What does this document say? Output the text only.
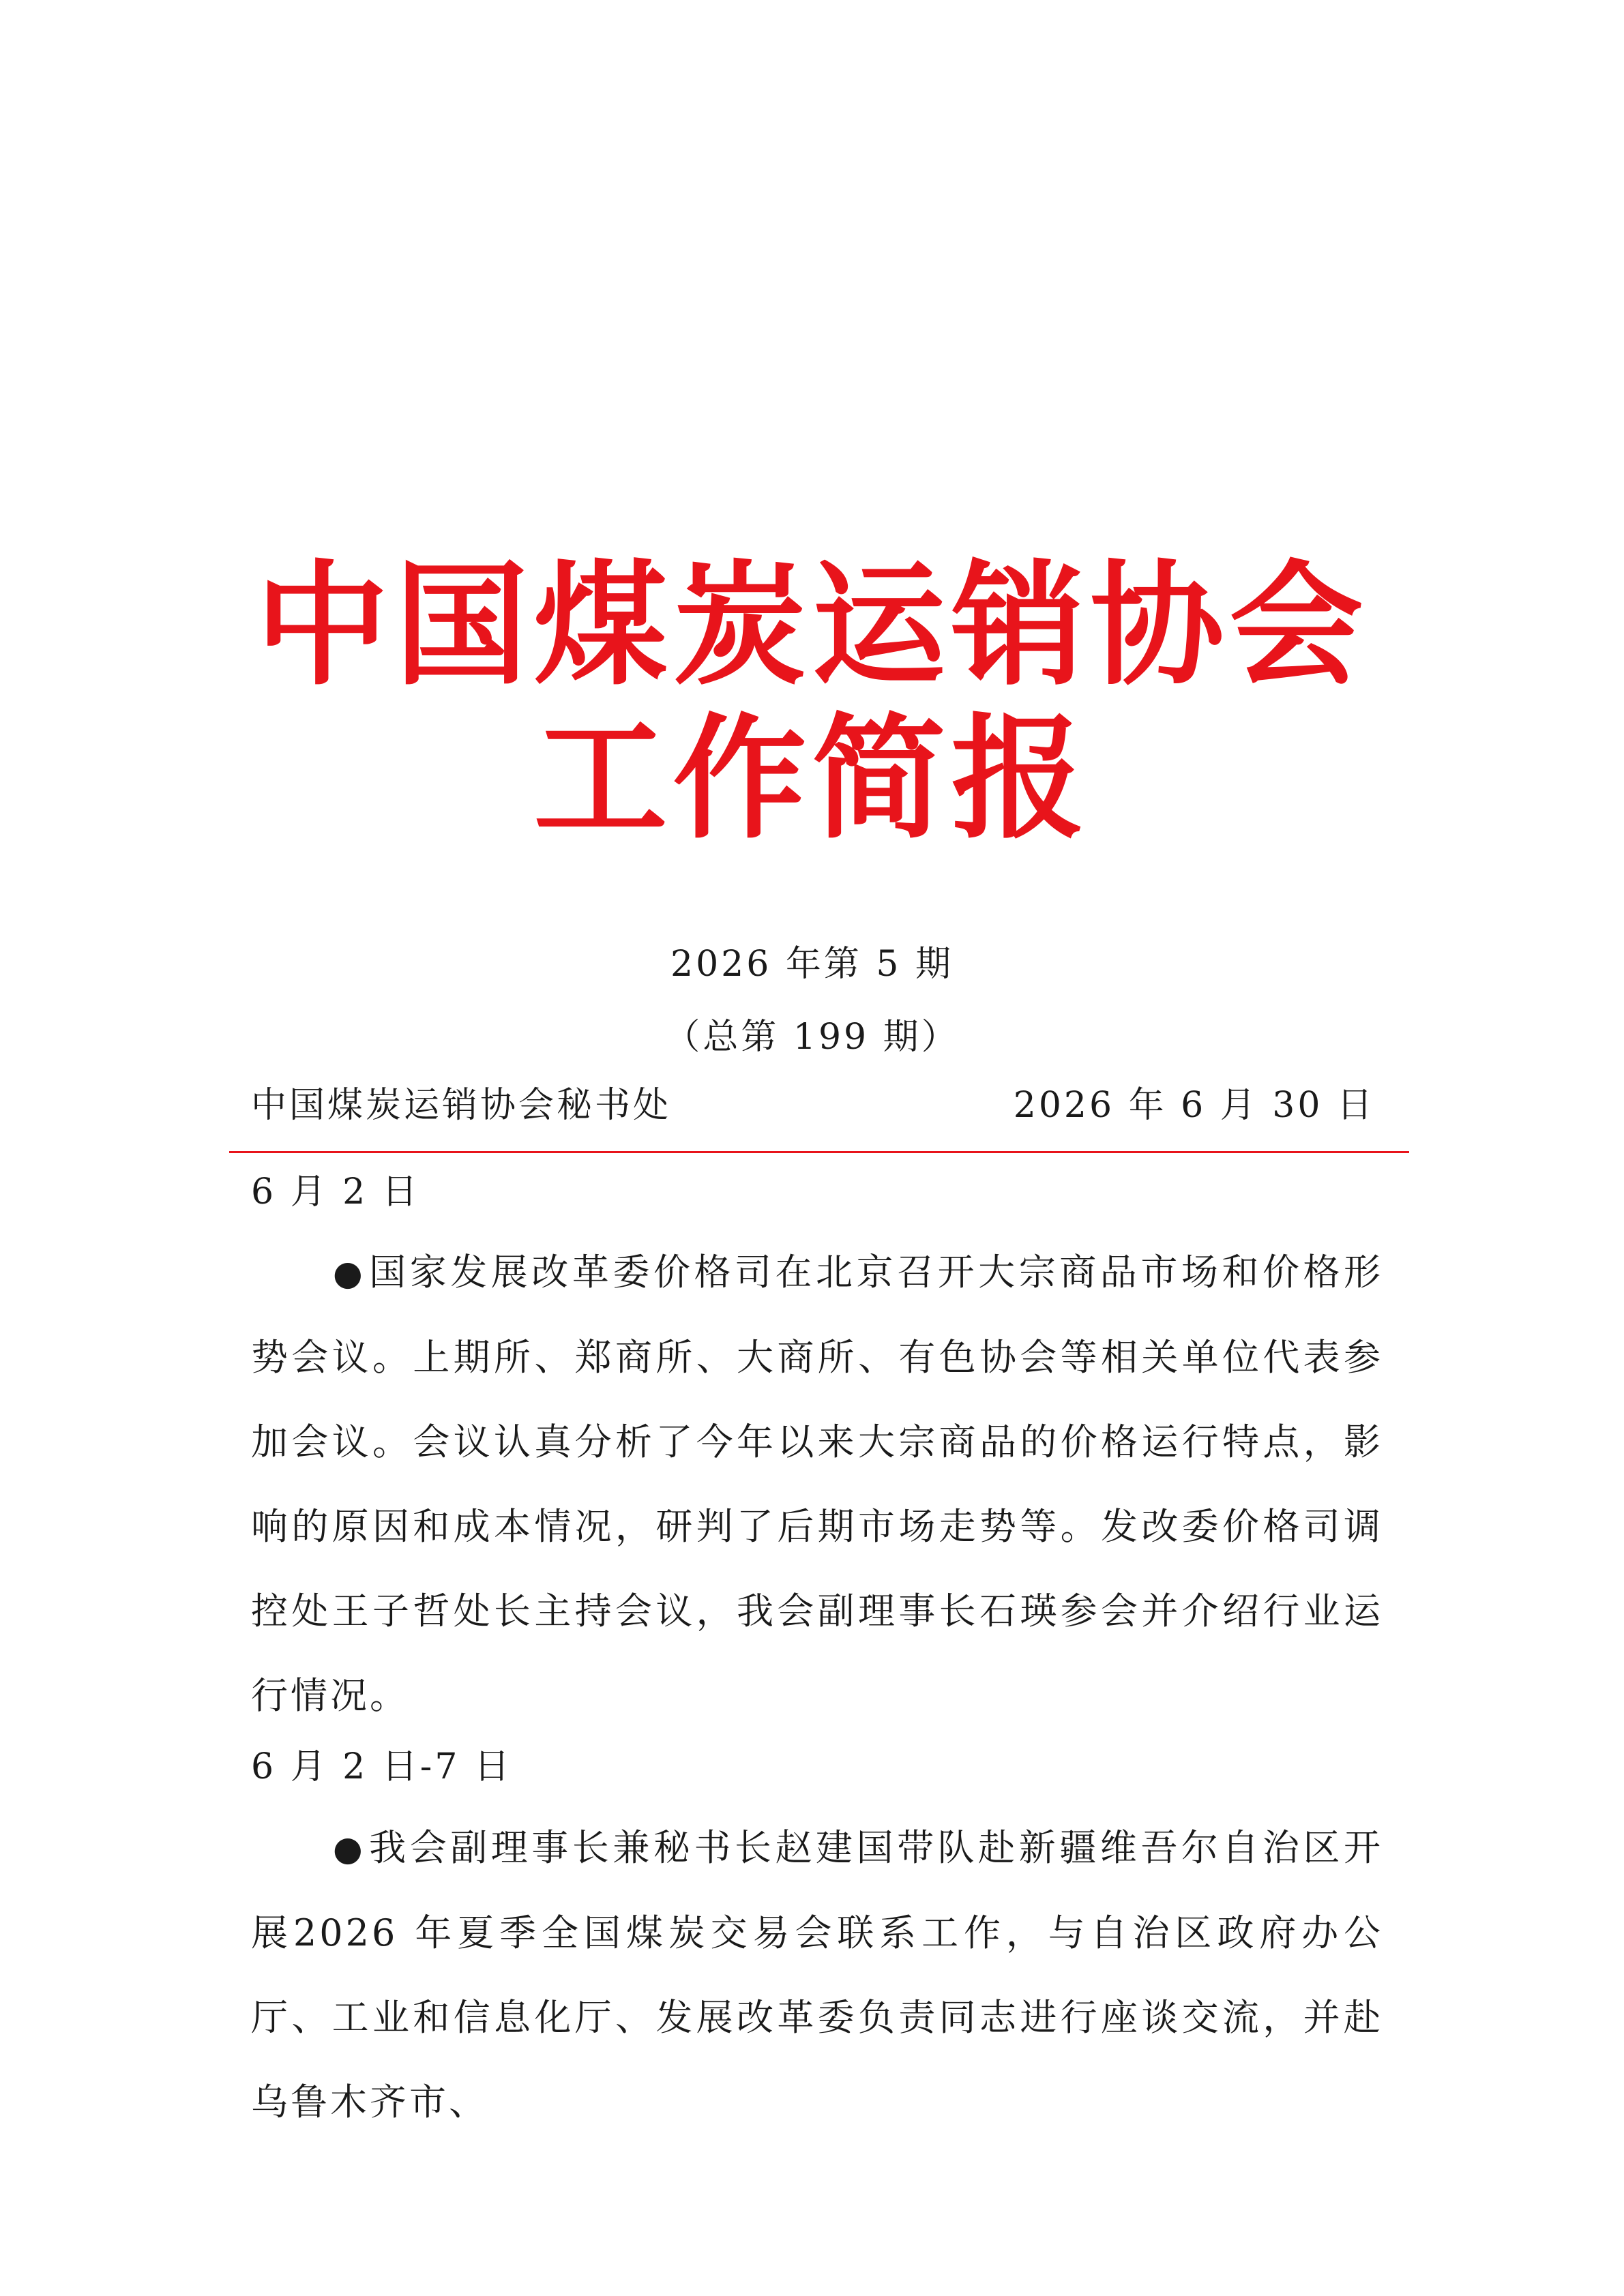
中国煤炭运销协会
工作简报
2026 年第 5 期
（总第 199 期）
中国煤炭运销协会秘书处	2026 年 6 月 30 日
6 月 2 日

●国家发展改革委价格司在北京召开大宗商品市场和价格形势会议。上期所、郑商所、大商所、有色协会等相关单位代表参加会议。会议认真分析了今年以来大宗商品的价格运行特点，影响的原因和成本情况，研判了后期市场走势等。发改委价格司调控处王子哲处长主持会议，我会副理事长石瑛参会并介绍行业运行情况。

6 月 2 日-7 日

●我会副理事长兼秘书长赵建国带队赴新疆维吾尔自治区开展2026 年夏季全国煤炭交易会联系工作，与自治区政府办公厅、工业和信息化厅、发展改革委负责同志进行座谈交流，并赴乌鲁木齐市、
